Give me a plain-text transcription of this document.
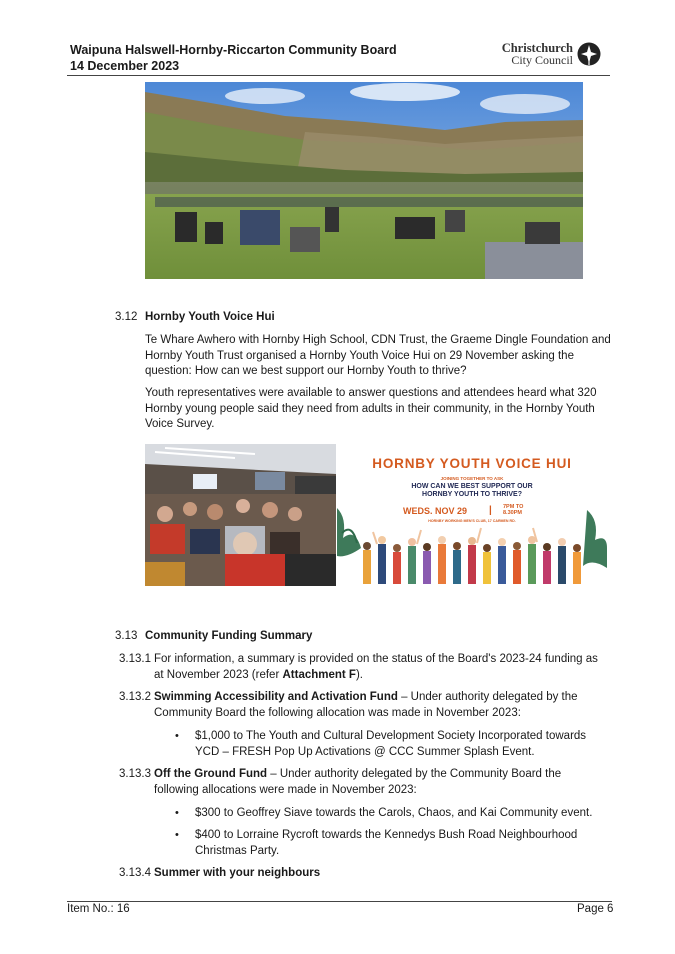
Waipuna Halswell-Hornby-Riccarton Community Board
14 December 2023
Christchurch
City Council
3.12 Hornby Youth Voice Hui
Te Whare Awhero with Hornby High School, CDN Trust, the Graeme Dingle Foundation and Hornby Youth Trust organised a Hornby Youth Voice Hui on 29 November asking the question: How can we best support our Hornby Youth to thrive?
Youth representatives were available to answer questions and attendees heard what 320 Hornby young people said they need from adults in their community, in the Hornby Youth Voice Survey.
HORNBY YOUTH VOICE HUI
JOINING TOGETHER TO ASK
HOW CAN WE BEST SUPPORT OUR
HORNBY YOUTH TO THRIVE?
WEDS. NOV 29 | 7PM TO
8.30PM
HORNBY WORKING MEN'S CLUB, 17 CARMEN RD.
3.13 Community Funding Summary
3.13.1 For information, a summary is provided on the status of the Board's 2023-24 funding as
at November 2023 (refer Attachment F).
3.13.2 Swimming Accessibility and Activation Fund – Under authority delegated by the
Community Board the following allocation was made in November 2023:
• $1,000 to The Youth and Cultural Development Society Incorporated towards
YCD – FRESH Pop Up Activations @ CCC Summer Splash Event.
3.13.3 Off the Ground Fund – Under authority delegated by the Community Board the
following allocations were made in November 2023:
• $300 to Geoffrey Siave towards the Carols, Chaos, and Kai Community event.
• $400 to Lorraine Rycroft towards the Kennedys Bush Road Neighbourhood
Christmas Party.
3.13.4 Summer with your neighbours
Item No.: 16	Page 6
